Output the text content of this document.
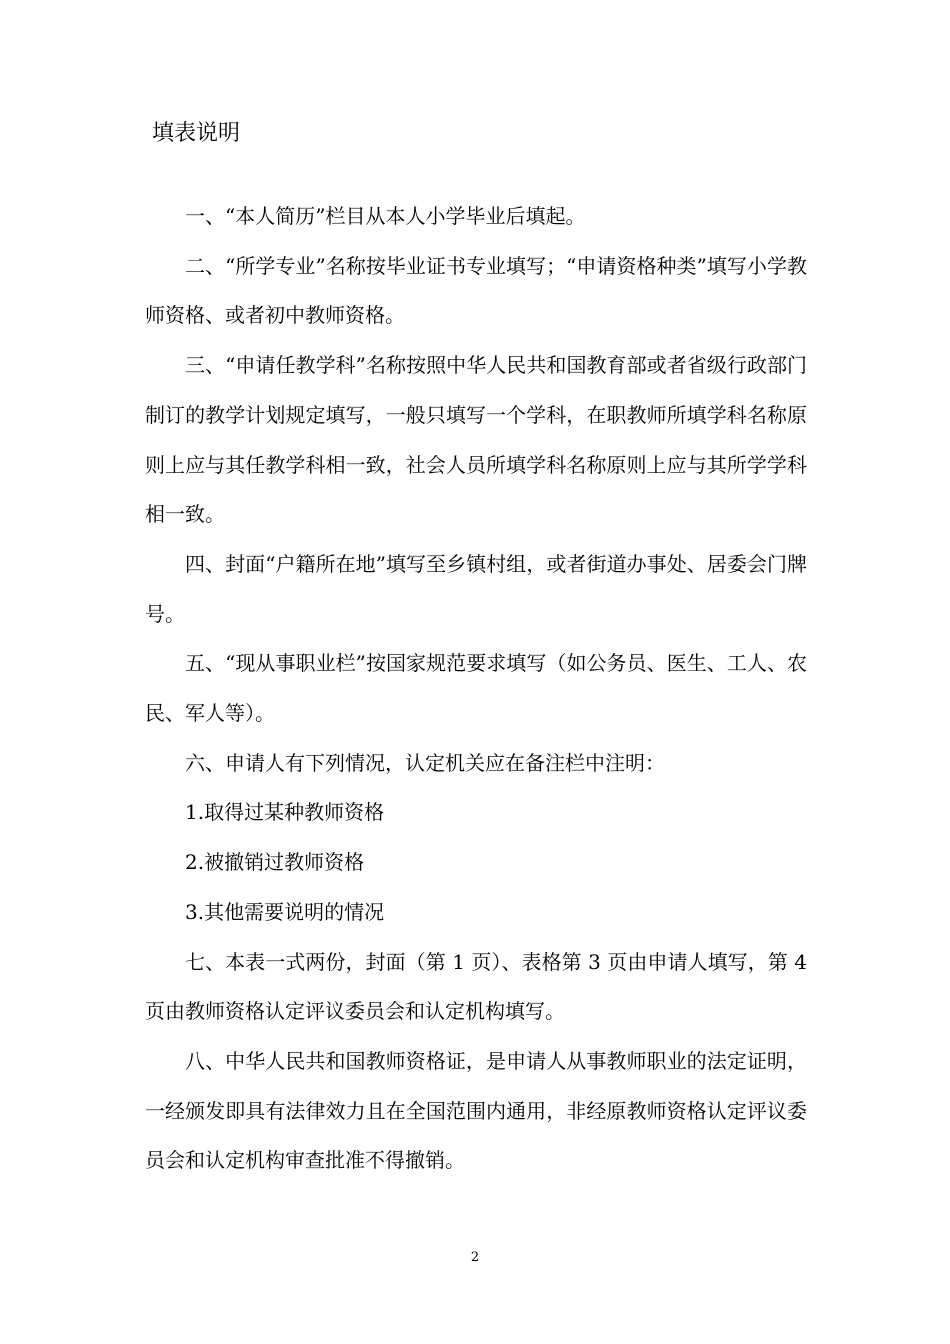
填表说明

一、“本人简历”栏目从本人小学毕业后填起。

二、“所学专业”名称按毕业证书专业填写；“申请资格种类”填写小学教师资格、或者初中教师资格。

三、“申请任教学科”名称按照中华人民共和国教育部或者省级行政部门制订的教学计划规定填写，一般只填写一个学科，在职教师所填学科名称原则上应与其任教学科相一致，社会人员所填学科名称原则上应与其所学学科相一致。

四、封面“户籍所在地”填写至乡镇村组，或者街道办事处、居委会门牌号。

五、“现从事职业栏”按国家规范要求填写（如公务员、医生、工人、农民、军人等）。

六、申请人有下列情况，认定机关应在备注栏中注明：

1.取得过某种教师资格

2.被撤销过教师资格

3.其他需要说明的情况

七、本表一式两份，封面（第 1 页）、表格第 3 页由申请人填写，第 4 页由教师资格认定评议委员会和认定机构填写。

八、中华人民共和国教师资格证，是申请人从事教师职业的法定证明，一经颁发即具有法律效力且在全国范围内通用，非经原教师资格认定评议委员会和认定机构审查批准不得撤销。

2
